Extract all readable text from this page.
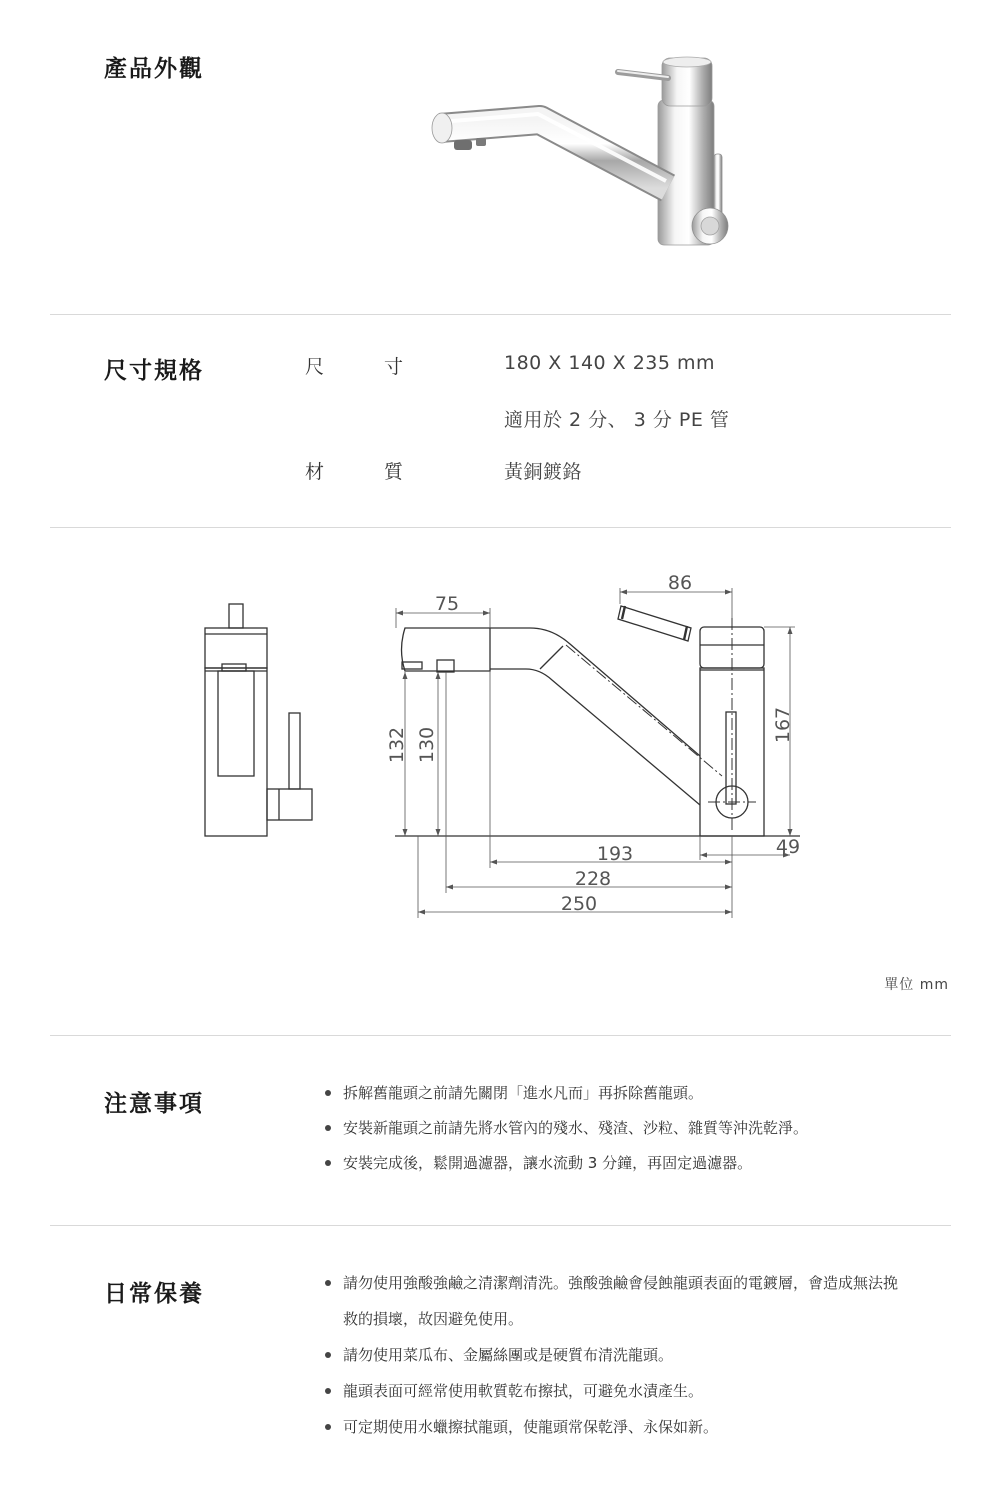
產品外觀
尺寸規格	尺	寸	180 X 140 X 235 mm
適用於 2 分、 3 分 PE 管
材	質	黃銅鍍鉻
75
86
132 130
167
49
193
228
250
單位 mm
注意事項	拆解舊龍頭之前請先關閉「進水凡而」再拆除舊龍頭。
安裝新龍頭之前請先將水管內的殘水、殘渣、沙粒、雜質等沖洗乾淨。
安裝完成後，鬆開過濾器，讓水流動 3 分鐘，再固定過濾器。
日常保養	請勿使用強酸強鹼之清潔劑清洗。強酸強鹼會侵蝕龍頭表面的電鍍層，會造成無法挽救的損壞，故因避免使用。
請勿使用菜瓜布、金屬絲團或是硬質布清洗龍頭。
龍頭表面可經常使用軟質乾布擦拭，可避免水漬產生。
可定期使用水蠟擦拭龍頭，使龍頭常保乾淨、永保如新。
